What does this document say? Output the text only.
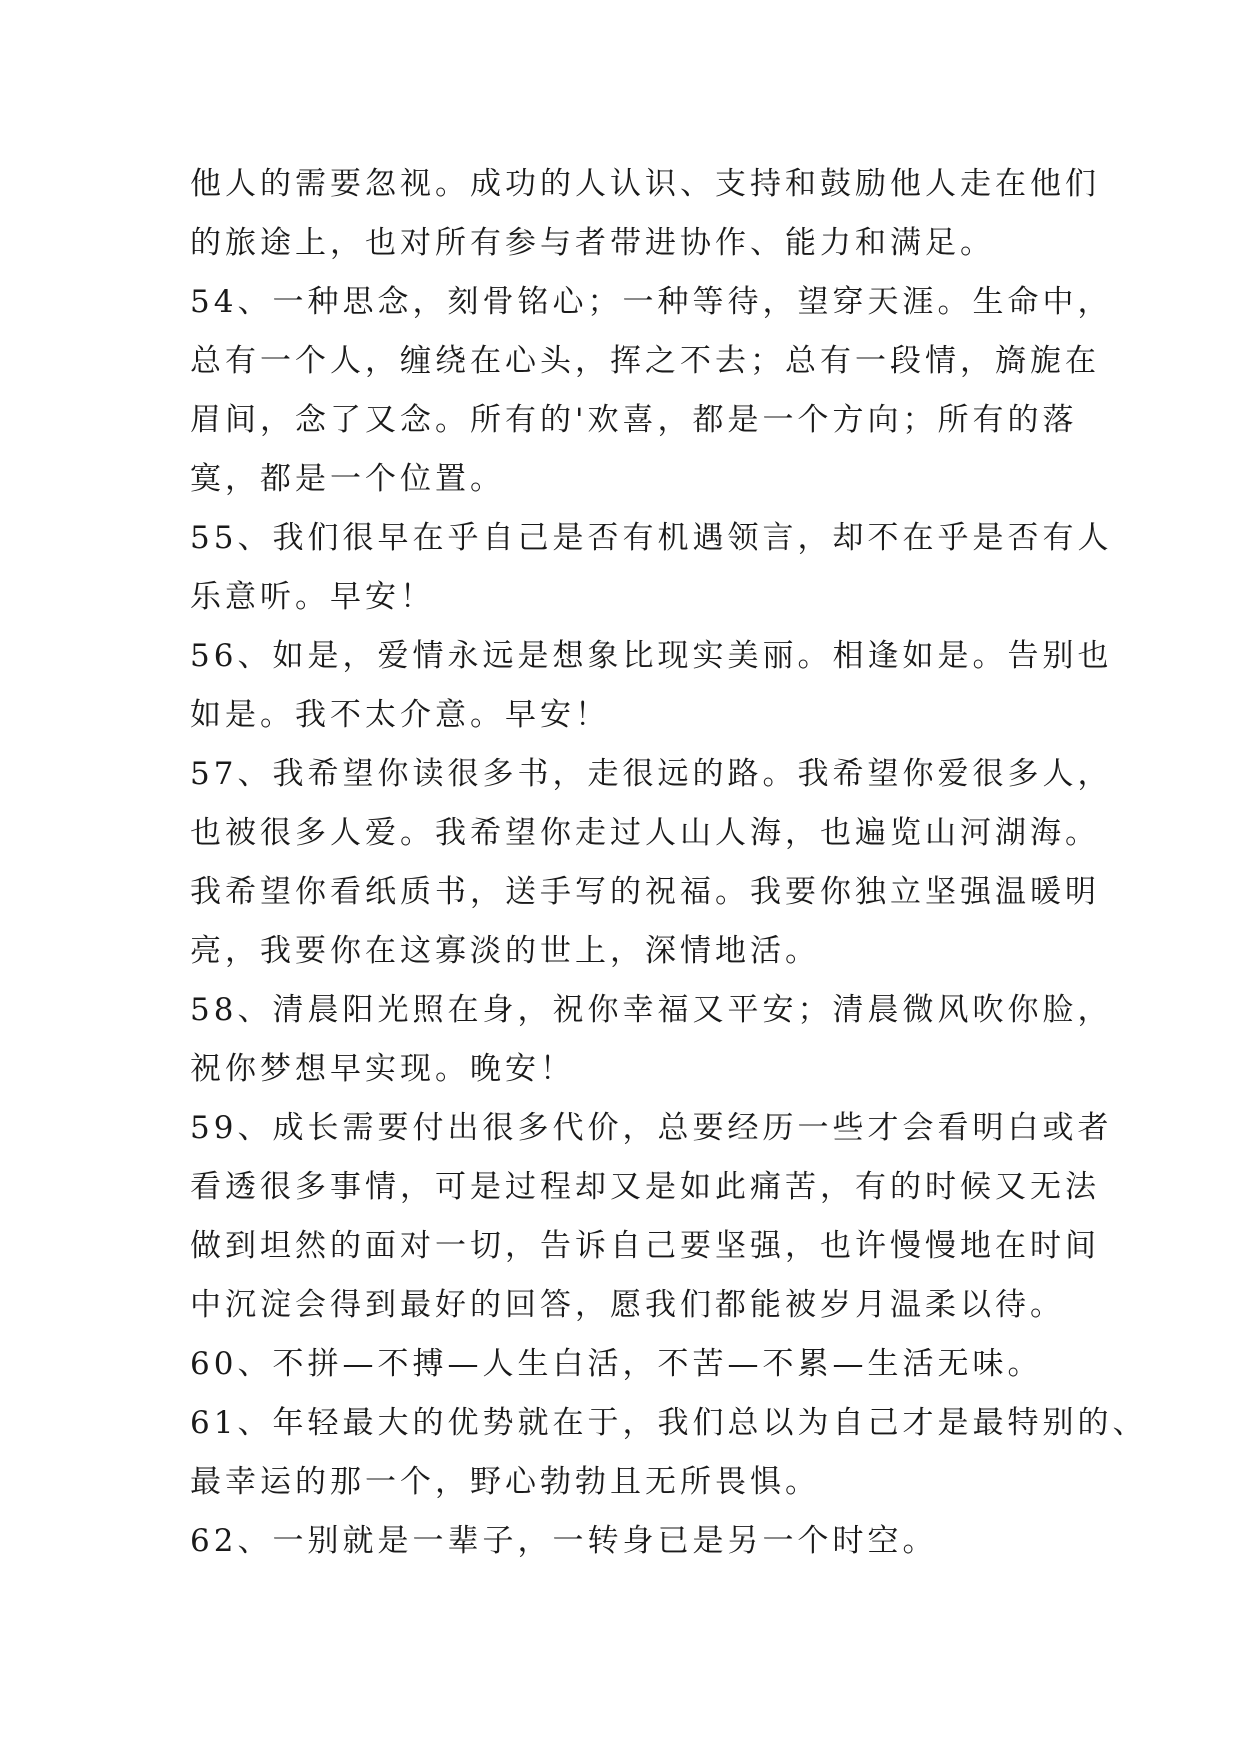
他人的需要忽视。成功的人认识、支持和鼓励他人走在他们
的旅途上，也对所有参与者带进协作、能力和满足。
54、一种思念，刻骨铭心；一种等待，望穿天涯。生命中，
总有一个人，缠绕在心头，挥之不去；总有一段情，旖旎在
眉间，念了又念。所有的'欢喜，都是一个方向；所有的落
寞，都是一个位置。
55、我们很早在乎自己是否有机遇领言，却不在乎是否有人
乐意听。早安！
56、如是，爱情永远是想象比现实美丽。相逢如是。告别也
如是。我不太介意。早安！
57、我希望你读很多书，走很远的路。我希望你爱很多人，
也被很多人爱。我希望你走过人山人海，也遍览山河湖海。
我希望你看纸质书，送手写的祝福。我要你独立坚强温暖明
亮，我要你在这寡淡的世上，深情地活。
58、清晨阳光照在身，祝你幸福又平安；清晨微风吹你脸，
祝你梦想早实现。晚安！
59、成长需要付出很多代价，总要经历一些才会看明白或者
看透很多事情，可是过程却又是如此痛苦，有的时候又无法
做到坦然的面对一切，告诉自己要坚强，也许慢慢地在时间
中沉淀会得到最好的回答，愿我们都能被岁月温柔以待。
60、不拼—不搏—人生白活，不苦—不累—生活无味。
61、年轻最大的优势就在于，我们总以为自己才是最特别的、
最幸运的那一个，野心勃勃且无所畏惧。
62、一别就是一辈子，一转身已是另一个时空。
